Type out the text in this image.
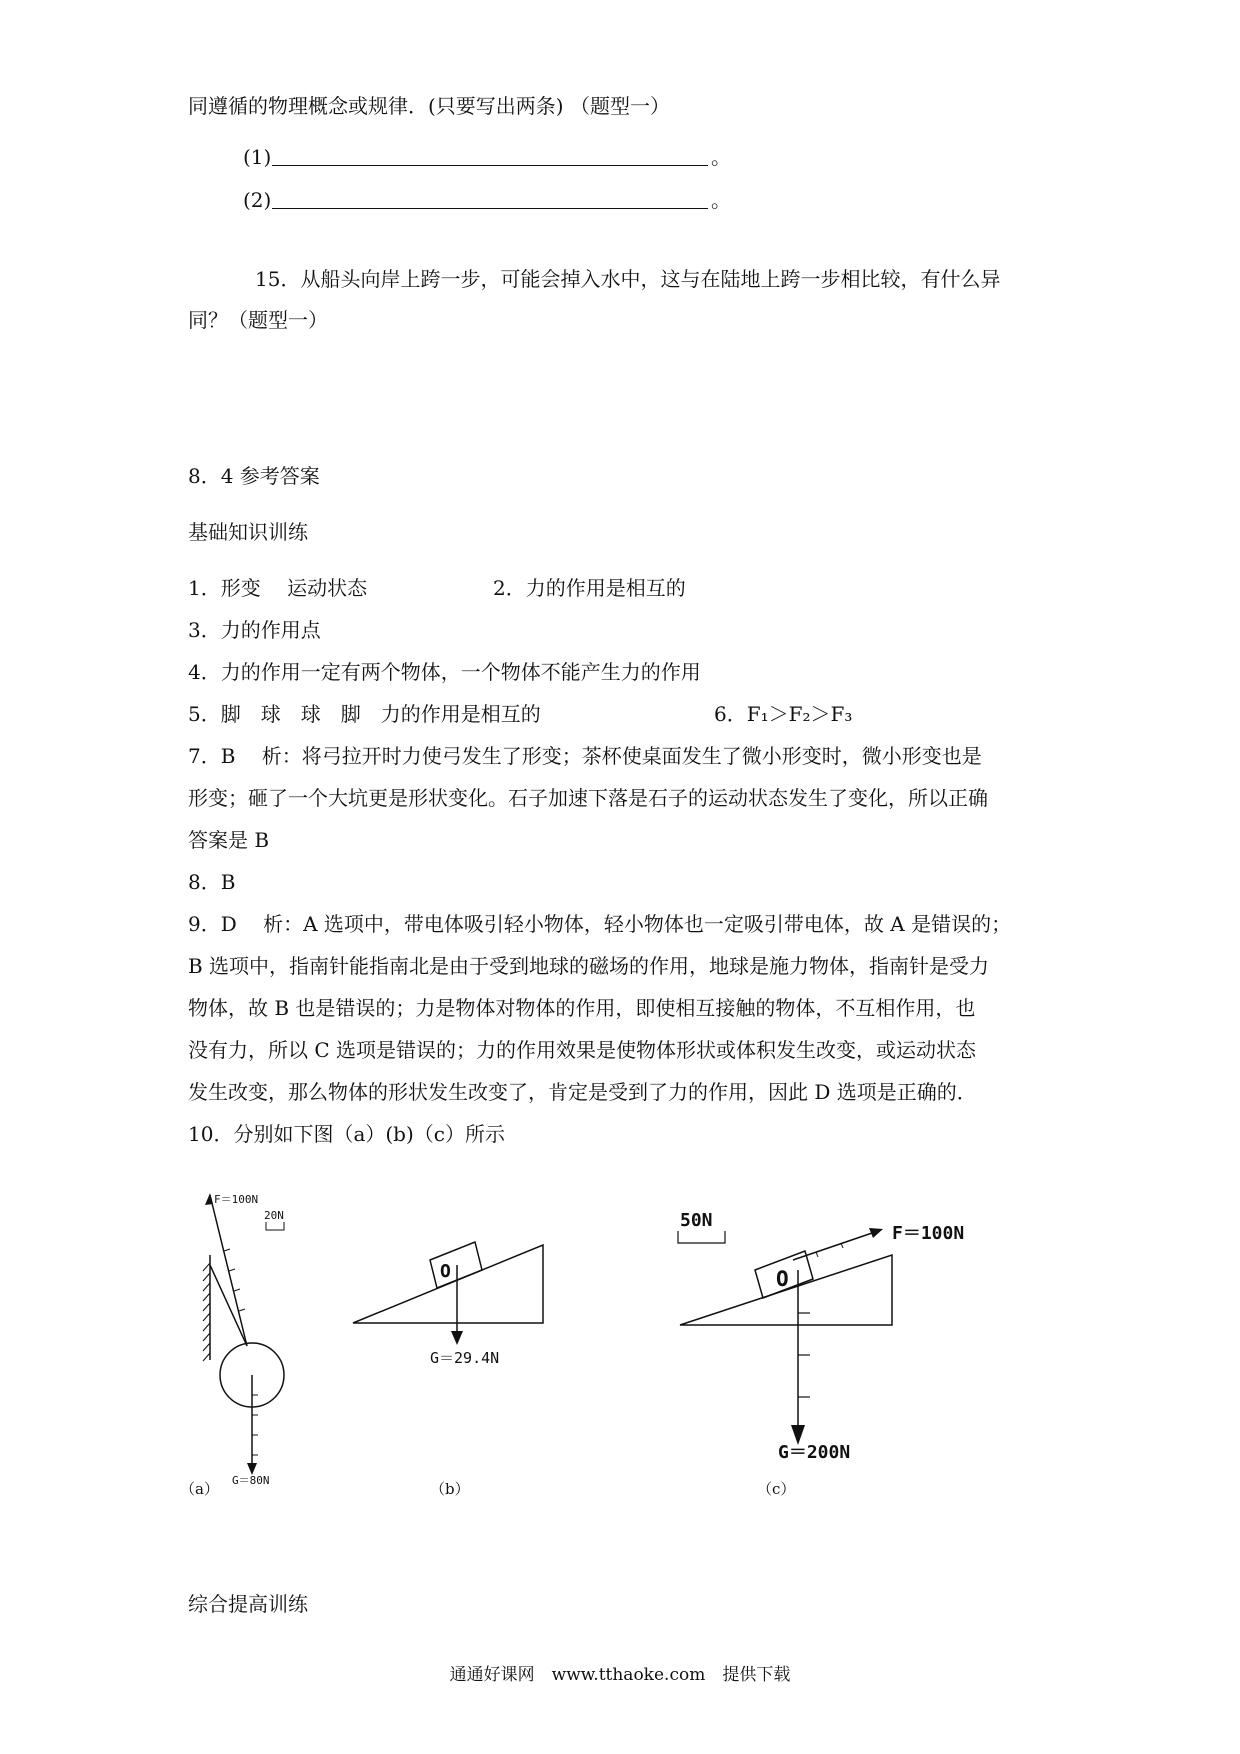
同遵循的物理概念或规律．(只要写出两条) （题型一）
(1)	。
(2)	。
15．从船头向岸上跨一步，可能会掉入水中，这与在陆地上跨一步相比较，有什么异
同？（题型一）
8．4 参考答案
基础知识训练
1．形变　 运动状态	2．力的作用是相互的
3．力的作用点
4．力的作用一定有两个物体，一个物体不能产生力的作用
5．脚　球　球　脚　力的作用是相互的	6．F₁＞F₂＞F₃
7．B　 析：将弓拉开时力使弓发生了形变；茶杯使桌面发生了微小形变时，微小形变也是
形变；砸了一个大坑更是形状变化。石子加速下落是石子的运动状态发生了变化，所以正确
答案是 B
8．B
9．D　 析：A 选项中，带电体吸引轻小物体，轻小物体也一定吸引带电体，故 A 是错误的；
B 选项中，指南针能指南北是由于受到地球的磁场的作用，地球是施力物体，指南针是受力
物体，故 B 也是错误的；力是物体对物体的作用，即使相互接触的物体，不互相作用，也
没有力，所以 C 选项是错误的；力的作用效果是使物体形状或体积发生改变，或运动状态
发生改变，那么物体的形状发生改变了，肯定是受到了力的作用，因此 D 选项是正确的．
10．分别如下图（a）(b)（c）所示
F＝100N
20N
G＝80N
（a）
O
G＝29.4N
（b）
50N
O
F＝100N
G＝200N
（c）
综合提高训练
通通好课网　www.tthaoke.com　提供下载
